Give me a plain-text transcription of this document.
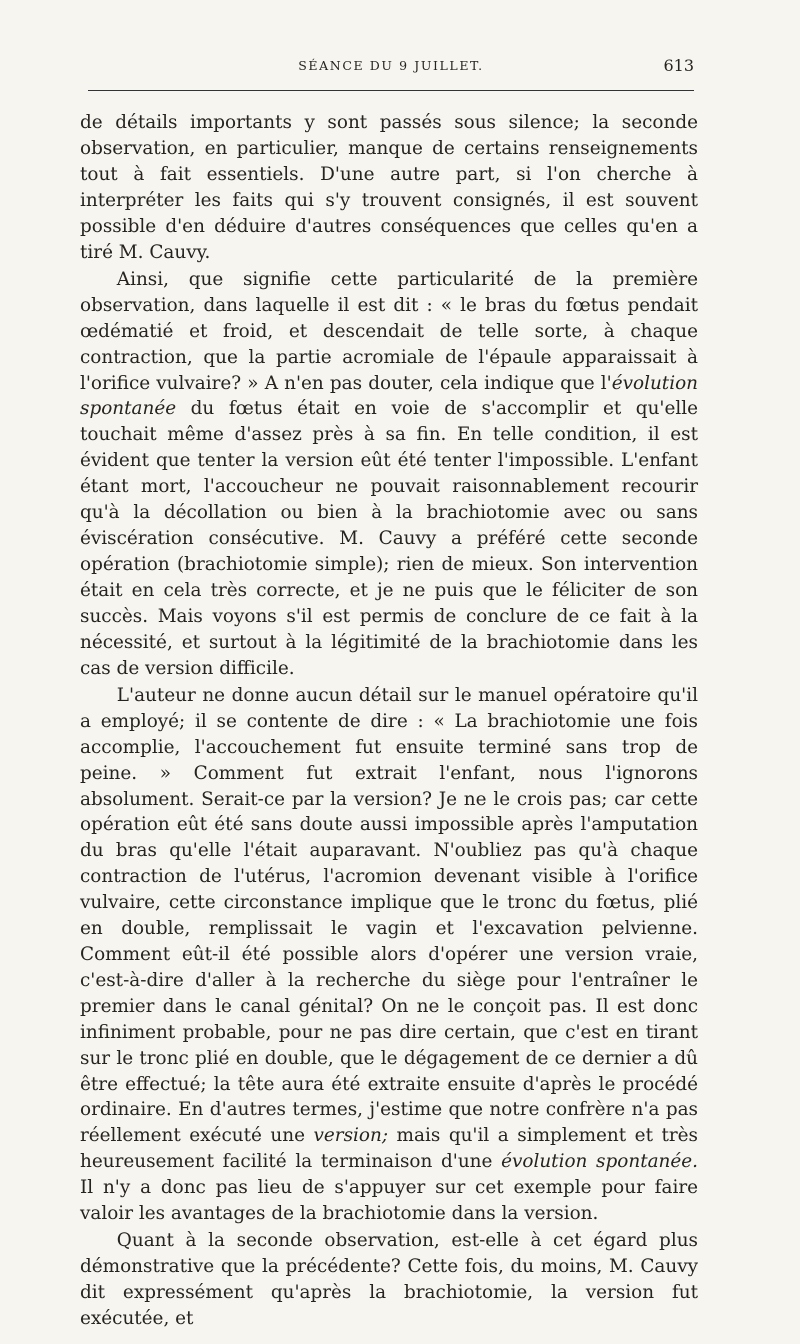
SÉANCE DU 9 JUILLET.	613

de détails importants y sont passés sous silence; la seconde observation, en particulier, manque de certains renseignements tout à fait essentiels. D'une autre part, si l'on cherche à interpréter les faits qui s'y trouvent consignés, il est souvent possible d'en déduire d'autres conséquences que celles qu'en a tiré M. Cauvy.

Ainsi, que signifie cette particularité de la première observation, dans laquelle il est dit : « le bras du fœtus pendait œdématié et froid, et descendait de telle sorte, à chaque contraction, que la partie acromiale de l'épaule apparaissait à l'orifice vulvaire? » A n'en pas douter, cela indique que l'évolution spontanée du fœtus était en voie de s'accomplir et qu'elle touchait même d'assez près à sa fin. En telle condition, il est évident que tenter la version eût été tenter l'impossible. L'enfant étant mort, l'accoucheur ne pouvait raisonnablement recourir qu'à la décollation ou bien à la brachiotomie avec ou sans éviscération consécutive. M. Cauvy a préféré cette seconde opération (brachiotomie simple); rien de mieux. Son intervention était en cela très correcte, et je ne puis que le féliciter de son succès. Mais voyons s'il est permis de conclure de ce fait à la nécessité, et surtout à la légitimité de la brachiotomie dans les cas de version difficile.

L'auteur ne donne aucun détail sur le manuel opératoire qu'il a employé; il se contente de dire : « La brachiotomie une fois accomplie, l'accouchement fut ensuite terminé sans trop de peine. » Comment fut extrait l'enfant, nous l'ignorons absolument. Serait-ce par la version? Je ne le crois pas; car cette opération eût été sans doute aussi impossible après l'amputation du bras qu'elle l'était auparavant. N'oubliez pas qu'à chaque contraction de l'utérus, l'acromion devenant visible à l'orifice vulvaire, cette circonstance implique que le tronc du fœtus, plié en double, remplissait le vagin et l'excavation pelvienne. Comment eût-il été possible alors d'opérer une version vraie, c'est-à-dire d'aller à la recherche du siège pour l'entraîner le premier dans le canal génital? On ne le conçoit pas. Il est donc infiniment probable, pour ne pas dire certain, que c'est en tirant sur le tronc plié en double, que le dégagement de ce dernier a dû être effectué; la tête aura été extraite ensuite d'après le procédé ordinaire. En d'autres termes, j'estime que notre confrère n'a pas réellement exécuté une version; mais qu'il a simplement et très heureusement facilité la terminaison d'une évolution spontanée. Il n'y a donc pas lieu de s'appuyer sur cet exemple pour faire valoir les avantages de la brachiotomie dans la version.

Quant à la seconde observation, est-elle à cet égard plus démonstrative que la précédente? Cette fois, du moins, M. Cauvy dit expressément qu'après la brachiotomie, la version fut exécutée, et
